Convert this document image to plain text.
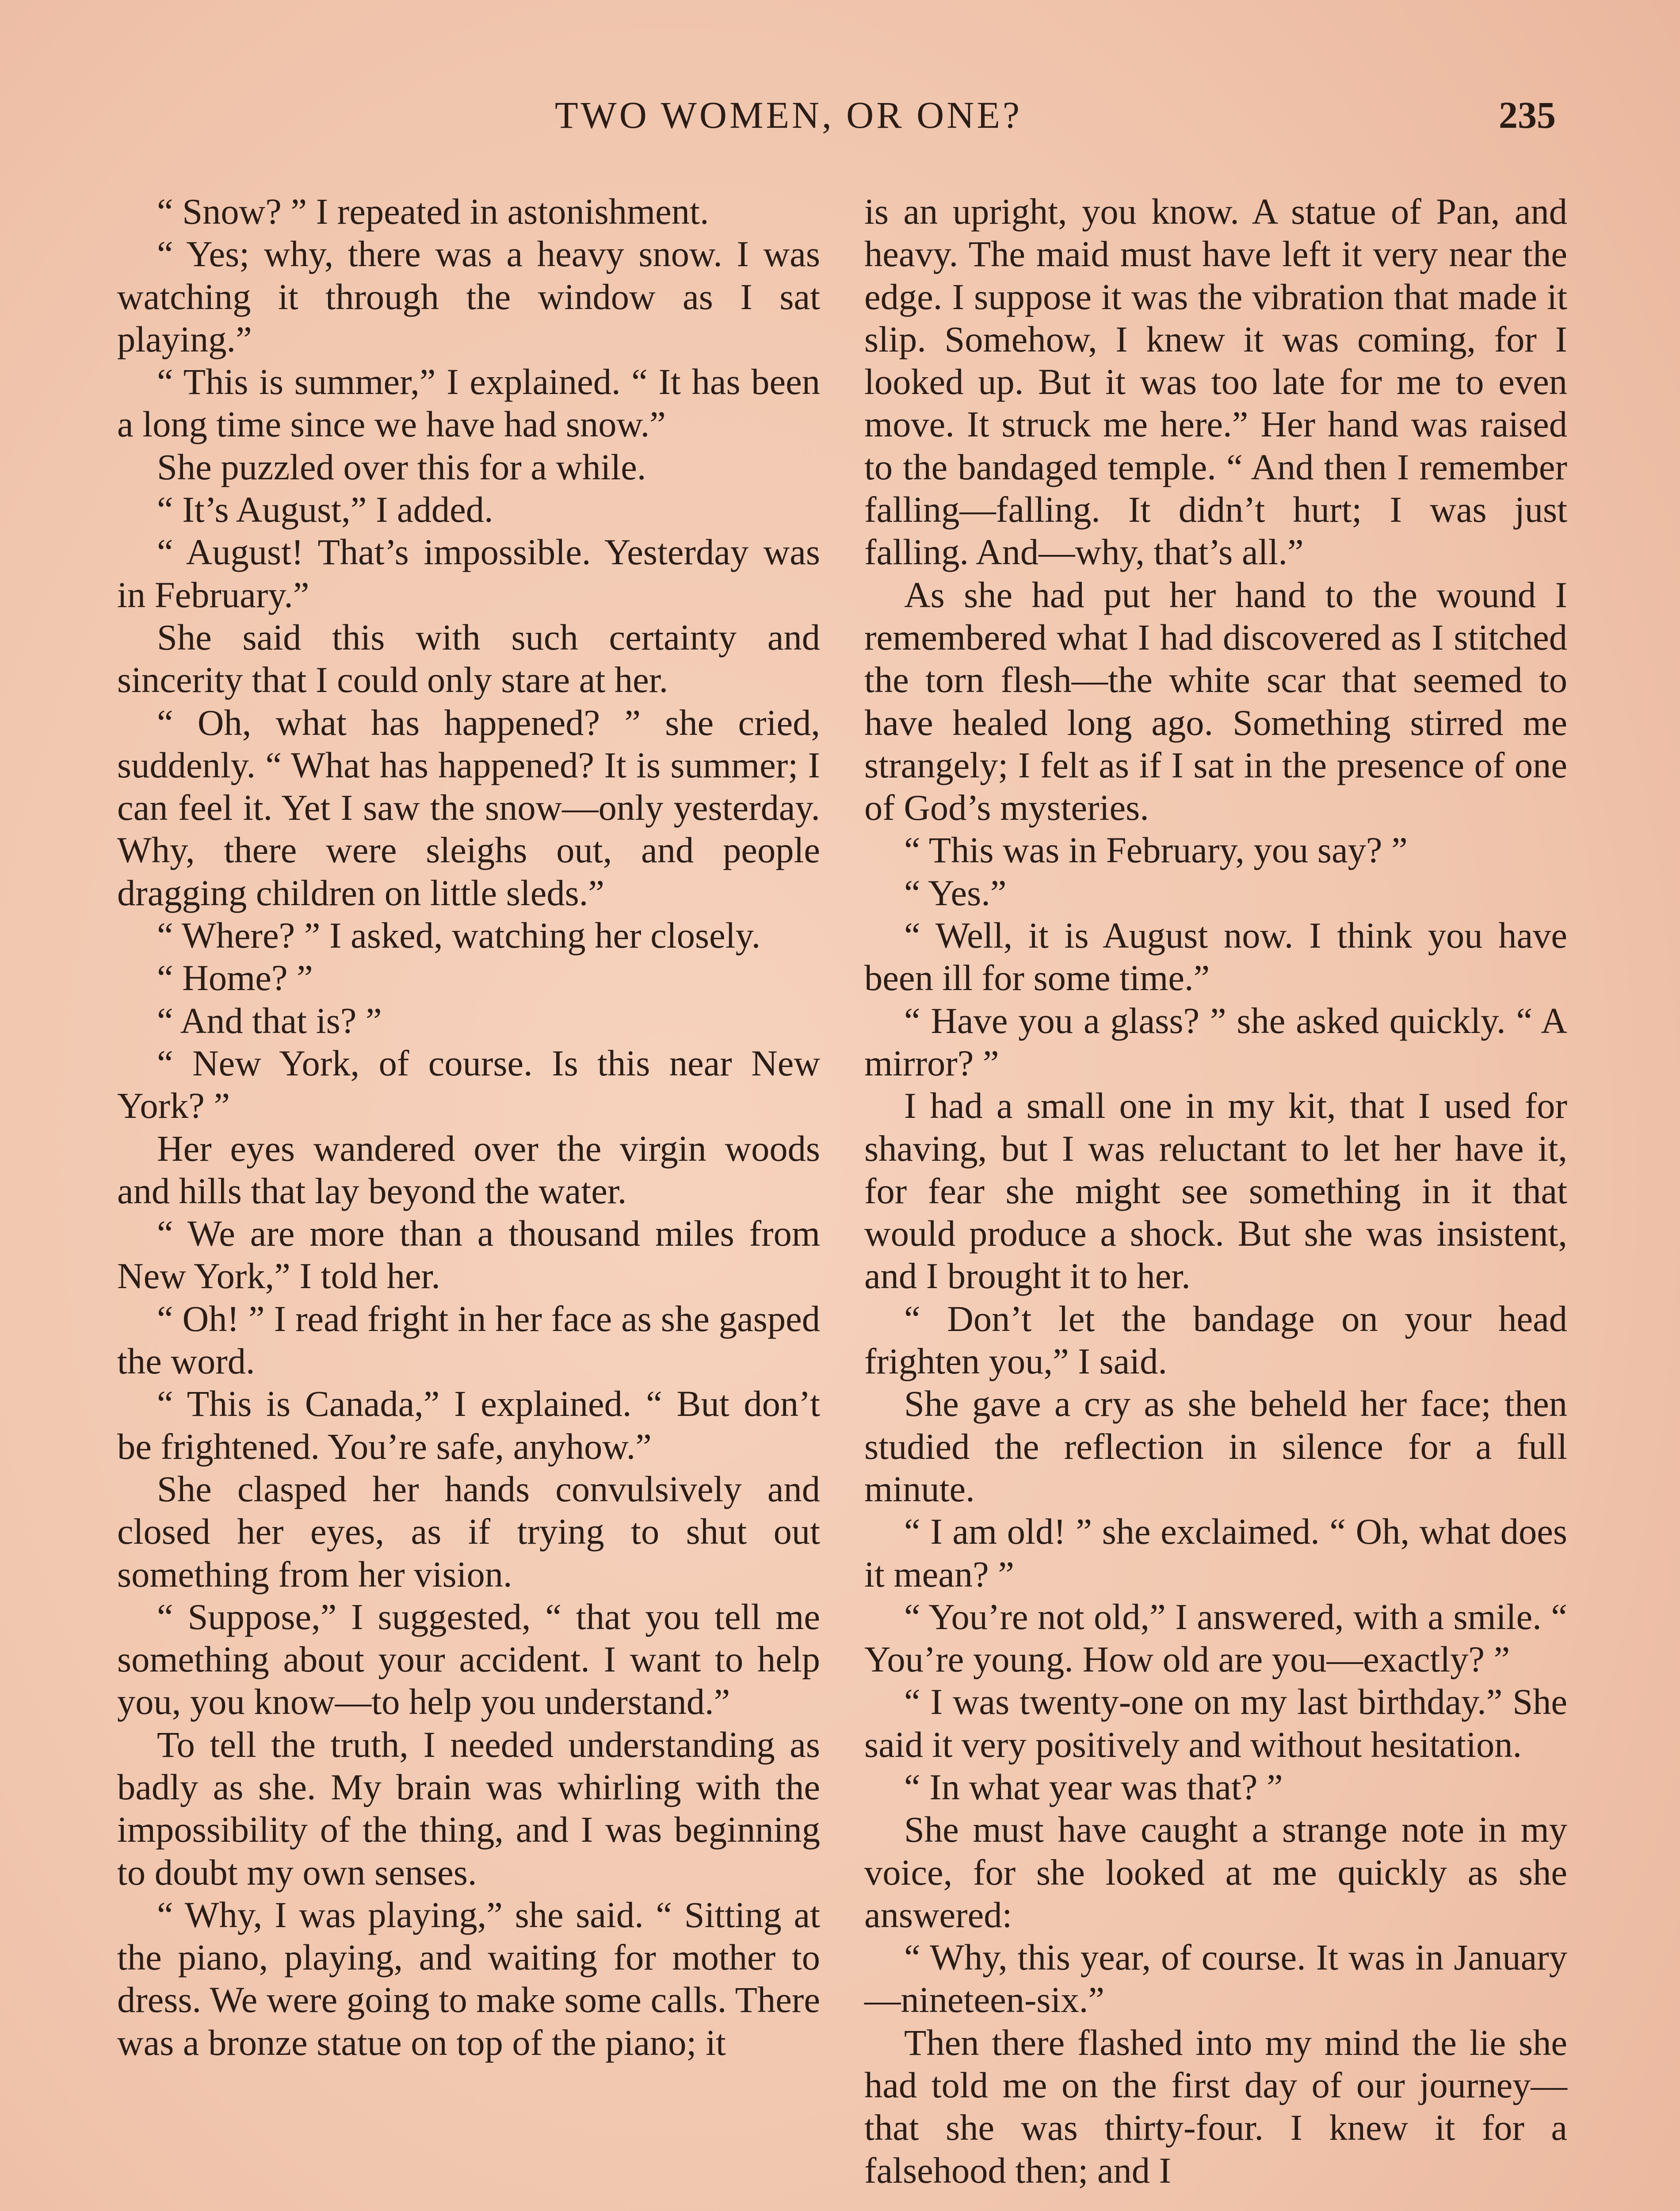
TWO WOMEN, OR ONE?	235

“ Snow? ” I repeated in astonishment.

“ Yes; why, there was a heavy snow. I was watching it through the window as I sat playing.”

“ This is summer,” I explained. “ It has been a long time since we have had snow.”

She puzzled over this for a while.

“ It’s August,” I added.

“ August! That’s impossible. Yesterday was in February.”

She said this with such certainty and sincerity that I could only stare at her.

“ Oh, what has happened? ” she cried, suddenly. “ What has happened? It is summer; I can feel it. Yet I saw the snow—only yesterday. Why, there were sleighs out, and people dragging children on little sleds.”

“ Where? ” I asked, watching her closely.

“ Home? ”

“ And that is? ”

“ New York, of course. Is this near New York? ”

Her eyes wandered over the virgin woods and hills that lay beyond the water.

“ We are more than a thousand miles from New York,” I told her.

“ Oh! ” I read fright in her face as she gasped the word.

“ This is Canada,” I explained. “ But don’t be frightened. You’re safe, anyhow.”

She clasped her hands convulsively and closed her eyes, as if trying to shut out something from her vision.

“ Suppose,” I suggested, “ that you tell me something about your accident. I want to help you, you know—to help you understand.”

To tell the truth, I needed understanding as badly as she. My brain was whirling with the impossibility of the thing, and I was beginning to doubt my own senses.

“ Why, I was playing,” she said. “ Sitting at the piano, playing, and waiting for mother to dress. We were going to make some calls. There was a bronze statue on top of the piano; it

is an upright, you know. A statue of Pan, and heavy. The maid must have left it very near the edge. I suppose it was the vibration that made it slip. Somehow, I knew it was coming, for I looked up. But it was too late for me to even move. It struck me here.” Her hand was raised to the bandaged temple. “ And then I remember falling—falling. It didn’t hurt; I was just falling. And—why, that’s all.”

As she had put her hand to the wound I remembered what I had discovered as I stitched the torn flesh—the white scar that seemed to have healed long ago. Something stirred me strangely; I felt as if I sat in the presence of one of God’s mysteries.

“ This was in February, you say? ”

“ Yes.”

“ Well, it is August now. I think you have been ill for some time.”

“ Have you a glass? ” she asked quickly. “ A mirror? ”

I had a small one in my kit, that I used for shaving, but I was reluctant to let her have it, for fear she might see something in it that would produce a shock. But she was insistent, and I brought it to her.

“ Don’t let the bandage on your head frighten you,” I said.

She gave a cry as she beheld her face; then studied the reflection in silence for a full minute.

“ I am old! ” she exclaimed. “ Oh, what does it mean? ”

“ You’re not old,” I answered, with a smile. “ You’re young. How old are you—exactly? ”

“ I was twenty-one on my last birthday.” She said it very positively and without hesitation.

“ In what year was that? ”

She must have caught a strange note in my voice, for she looked at me quickly as she answered:

“ Why, this year, of course. It was in January—nineteen-six.”

Then there flashed into my mind the lie she had told me on the first day of our journey—that she was thirty-four. I knew it for a falsehood then; and I
